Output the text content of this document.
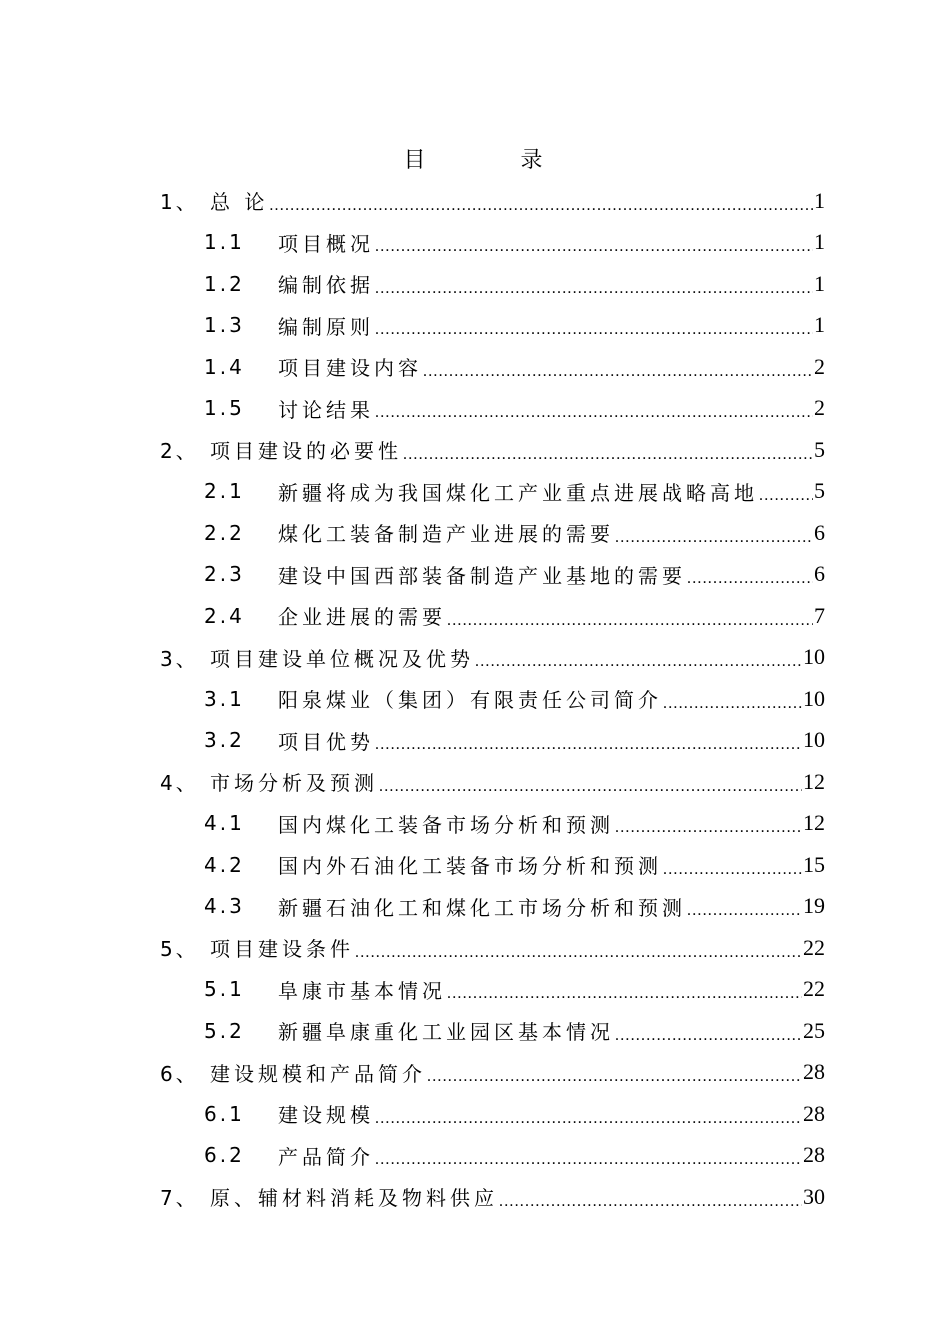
目 录
1、 总 论 .....	1
1.1	项目概况 .....	1
1.2	编制依据 .....	1
1.3	编制原则 .....	1
1.4	项目建设内容 .....	2
1.5	讨论结果 .....	2
2、 项目建设的必要性 .....	5
2.1	新疆将成为我国煤化工产业重点进展战略高地 .....	5
2.2	煤化工装备制造产业进展的需要 .....	6
2.3	建设中国西部装备制造产业基地的需要 .....	6
2.4	企业进展的需要 .....	7
3、 项目建设单位概况及优势 .....	10
3.1	阳泉煤业（集团）有限责任公司简介 .....	10
3.2	项目优势 .....	10
4、 市场分析及预测 .....	12
4.1	国内煤化工装备市场分析和预测 .....	12
4.2	国内外石油化工装备市场分析和预测 .....	15
4.3	新疆石油化工和煤化工市场分析和预测 .....	19
5、 项目建设条件 .....	22
5.1	阜康市基本情况 .....	22
5.2	新疆阜康重化工业园区基本情况 .....	25
6、 建设规模和产品简介 .....	28
6.1	建设规模 .....	28
6.2	产品简介 .....	28
7、 原、辅材料消耗及物料供应 .....	30
